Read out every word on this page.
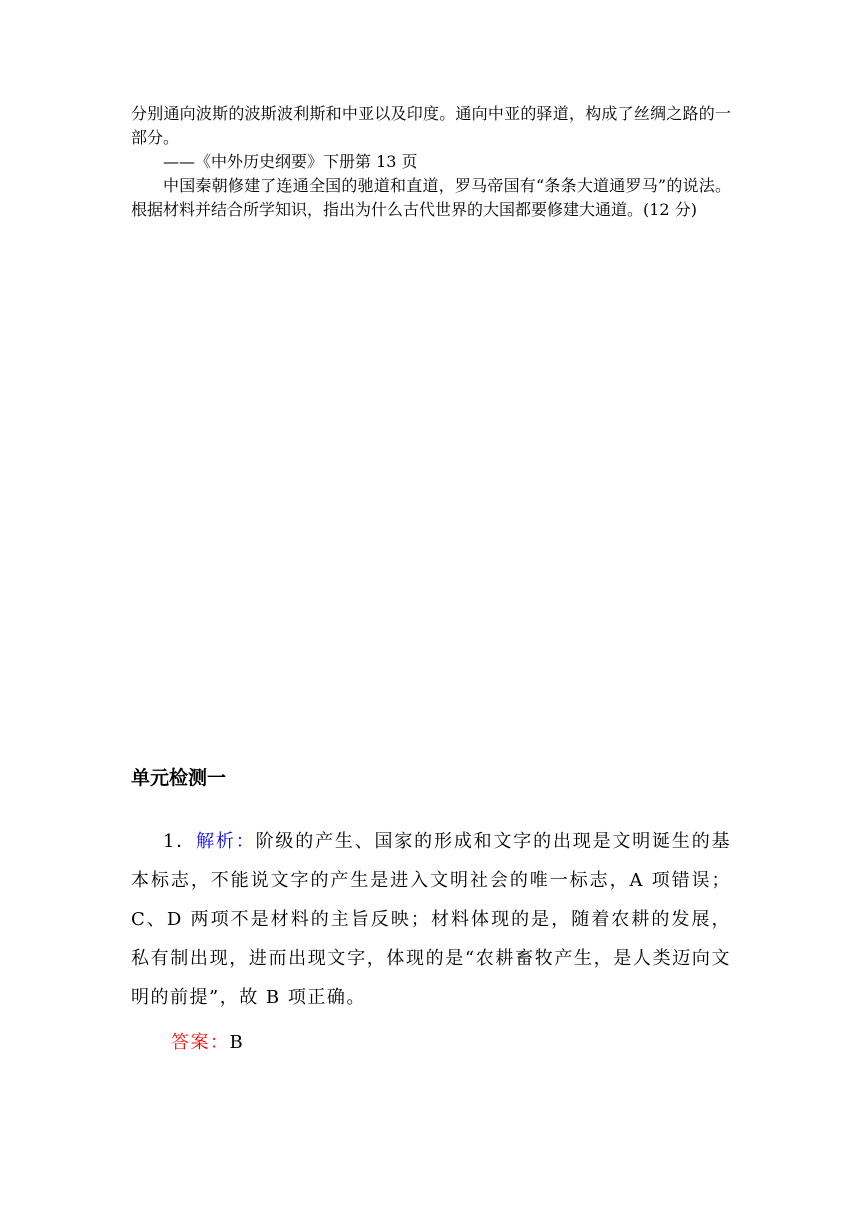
分别通向波斯的波斯波利斯和中亚以及印度。通向中亚的驿道，构成了丝绸之路的一部分。

——《中外历史纲要》下册第 13 页

中国秦朝修建了连通全国的驰道和直道，罗马帝国有“条条大道通罗马”的说法。根据材料并结合所学知识，指出为什么古代世界的大国都要修建大通道。(12 分)

单元检测一

1．解析：阶级的产生、国家的形成和文字的出现是文明诞生的基本标志，不能说文字的产生是进入文明社会的唯一标志，A 项错误；C、D 两项不是材料的主旨反映；材料体现的是，随着农耕的发展，私有制出现，进而出现文字，体现的是“农耕畜牧产生，是人类迈向文明的前提”，故 B 项正确。

答案：B
